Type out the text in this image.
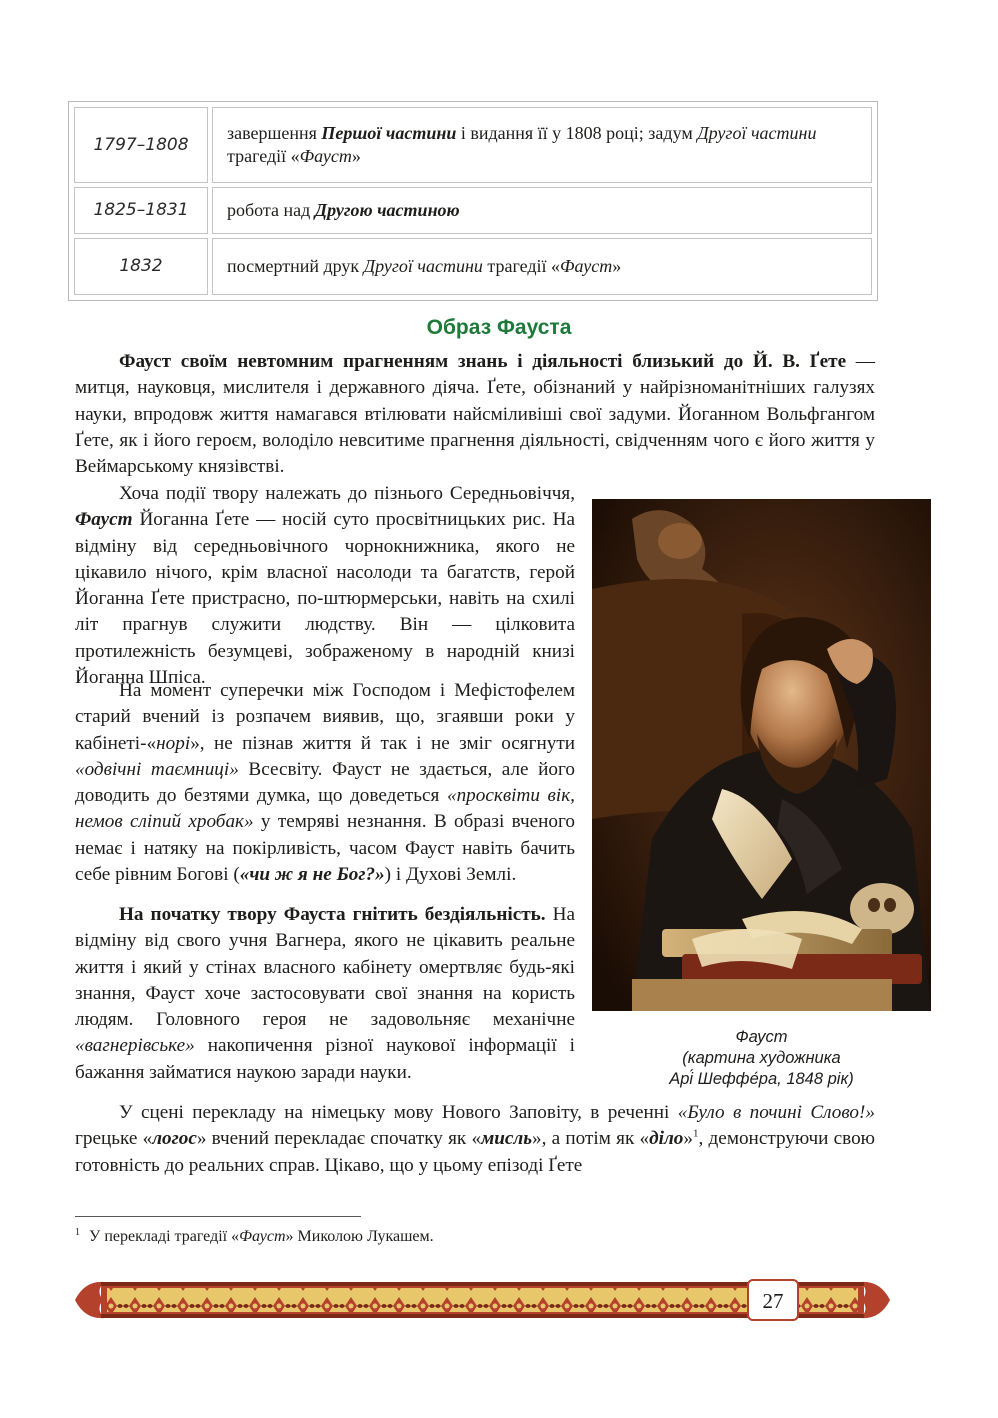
1797–1808
завершення Першої частини і видання її у 1808 році; задум Другої частини трагедії «Фауст»
1825–1831	робота над Другою частиною
1832	посмертний друк Другої частини трагедії «Фауст»
Образ Фауста

Фауст своїм невтомним прагненням знань і діяльності близький до Й. В. Ґете — митця, науковця, мислителя і державного діяча. Ґете, обізнаний у найрізноманітніших галузях науки, впродовж життя намагався втілювати найсміливіші свої задуми. Йоганном Вольфгангом Ґете, як і його героєм, володіло невситиме прагнення діяльності, свідченням чого є його життя у Веймарському князівстві.

Хоча події твору належать до пізнього Середньовіччя, Фауст Йоганна Ґете — носій суто просвітницьких рис. На відміну від середньовічного чорнокнижника, якого не цікавило нічого, крім власної насолоди та багатств, герой Йоганна Ґете пристрасно, по-штюрмерськи, навіть на схилі літ прагнув служити людству. Він — цілковита протилежність безумцеві, зображеному в народній книзі Йоганна Шпіса.

На момент суперечки між Господом і Мефістофелем старий вчений із розпачем виявив, що, згаявши роки у кабінеті-«норі», не пізнав життя й так і не зміг осягнути «одвічні таємниці» Всесвіту. Фауст не здається, але його доводить до безтями думка, що доведеться «просквіти вік, немов сліпий хробак» у темряві незнання. В образі вченого немає і натяку на покірливість, часом Фауст навіть бачить себе рівним Богові («чи ж я не Бог?») і Духові Землі.

На початку твору Фауста гнітить бездіяльність. На відміну від свого учня Вагнера, якого не цікавить реальне життя і який у стінах власного кабінету омертвляє будь-які знання, Фауст хоче застосовувати свої знання на користь людям. Головного героя не задовольняє механічне «вагнерівське» накопичення різної наукової інформації і бажання займатися наукою заради науки.

У сцені перекладу на німецьку мову Нового Заповіту, в реченні «Було в почині Слово!» грецьке «логос» вчений перекладає спочатку як «мисль», а потім як «діло»$^1$, демонструючи свою готовність до реальних справ. Цікаво, що у цьому епізоді Ґете

Фауст
(картина художника
Арі́ Шеффе́ра, 1848 рік)
$^1$ У перекладі трагедії «Фауст» Миколою Лукашем.
27
